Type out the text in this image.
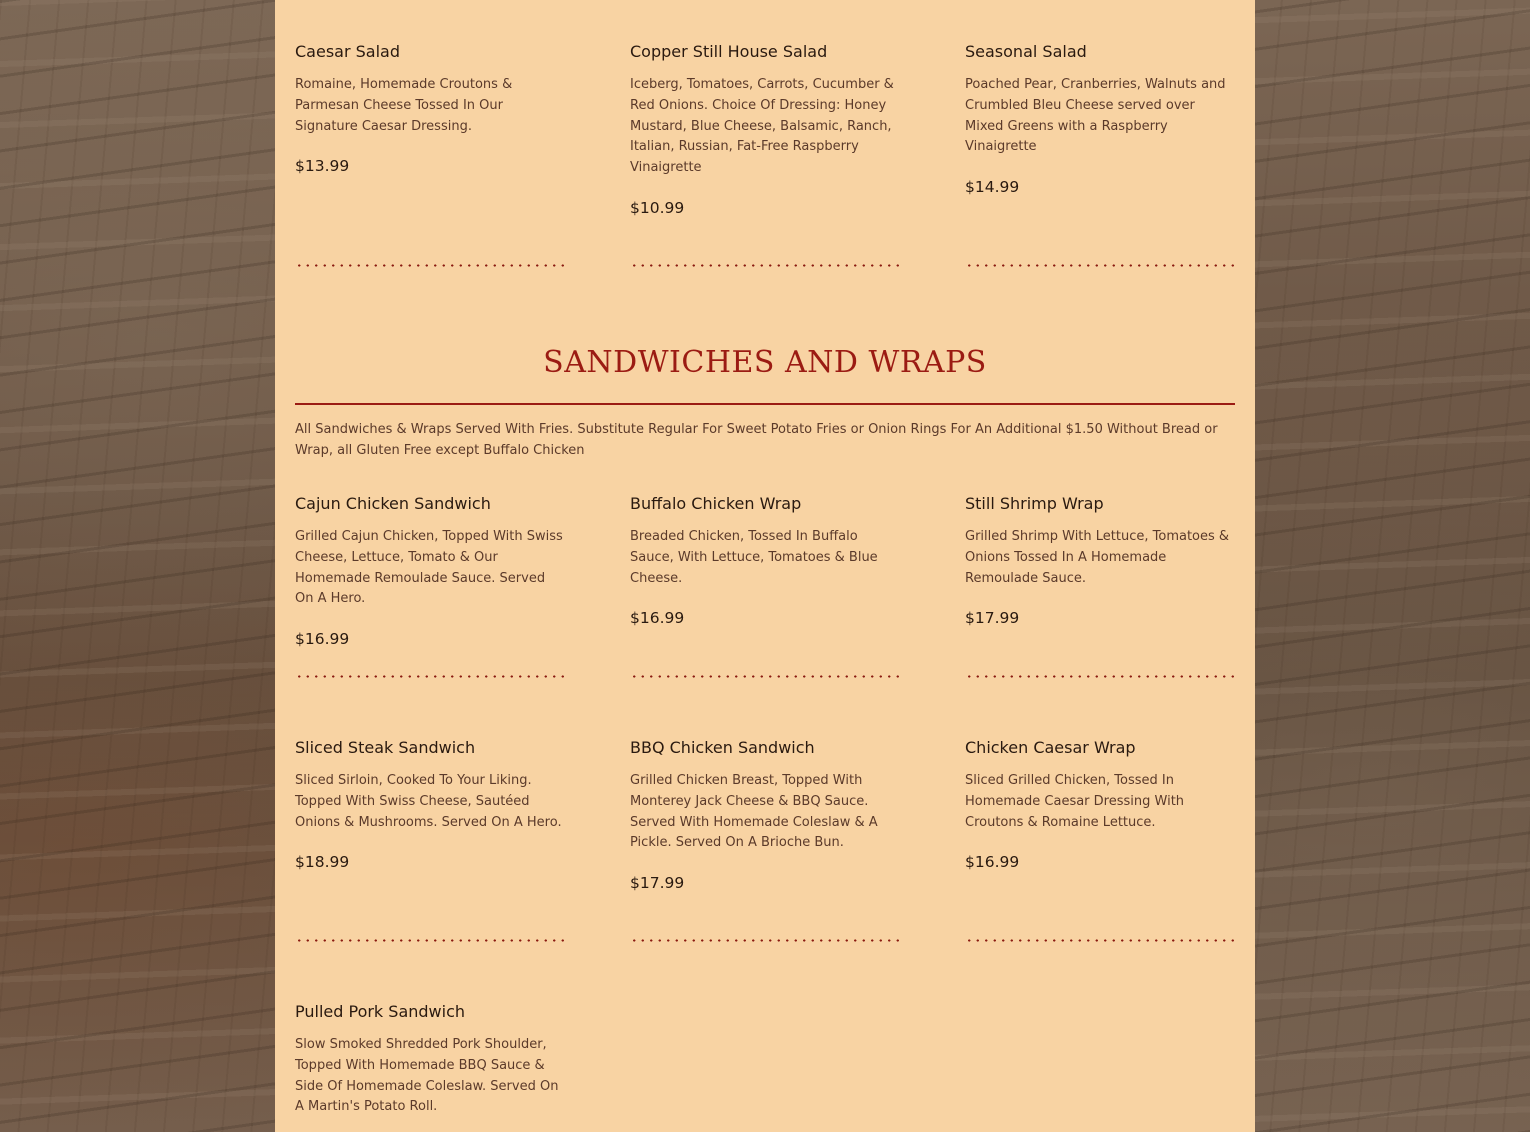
Caesar Salad
Romaine, Homemade Croutons & Parmesan Cheese Tossed In Our Signature Caesar Dressing.
$13.99
Copper Still House Salad
Iceberg, Tomatoes, Carrots, Cucumber & Red Onions. Choice Of Dressing: Honey Mustard, Blue Cheese, Balsamic, Ranch, Italian, Russian, Fat-Free Raspberry Vinaigrette
$10.99
Seasonal Salad
Poached Pear, Cranberries, Walnuts and Crumbled Bleu Cheese served over Mixed Greens with a Raspberry Vinaigrette
$14.99
SANDWICHES AND WRAPS
All Sandwiches & Wraps Served With Fries. Substitute Regular For Sweet Potato Fries or Onion Rings For An Additional $1.50 Without Bread or Wrap, all Gluten Free except Buffalo Chicken
Cajun Chicken Sandwich
Grilled Cajun Chicken, Topped With Swiss Cheese, Lettuce, Tomato & Our Homemade Remoulade Sauce. Served On A Hero.
$16.99
Buffalo Chicken Wrap
Breaded Chicken, Tossed In Buffalo Sauce, With Lettuce, Tomatoes & Blue Cheese.
$16.99
Still Shrimp Wrap
Grilled Shrimp With Lettuce, Tomatoes & Onions Tossed In A Homemade Remoulade Sauce.
$17.99
Sliced Steak Sandwich
Sliced Sirloin, Cooked To Your Liking. Topped With Swiss Cheese, Sautéed Onions & Mushrooms. Served On A Hero.
$18.99
BBQ Chicken Sandwich
Grilled Chicken Breast, Topped With Monterey Jack Cheese & BBQ Sauce. Served With Homemade Coleslaw & A Pickle. Served On A Brioche Bun.
$17.99
Chicken Caesar Wrap
Sliced Grilled Chicken, Tossed In Homemade Caesar Dressing With Croutons & Romaine Lettuce.
$16.99
Pulled Pork Sandwich
Slow Smoked Shredded Pork Shoulder, Topped With Homemade BBQ Sauce & Side Of Homemade Coleslaw. Served On A Martin's Potato Roll.
